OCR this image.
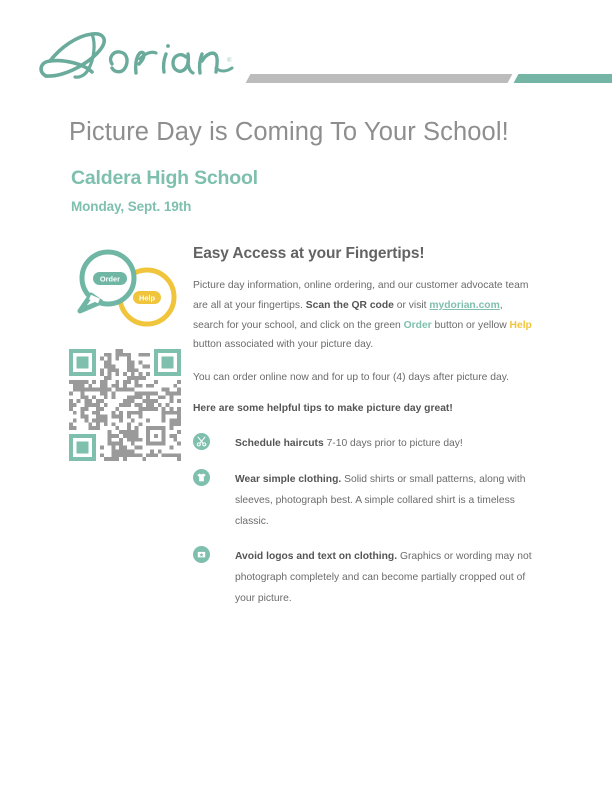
®
Picture Day is Coming To Your School!
Caldera High School
Monday, Sept. 19th
Order
Help
Easy Access at your Fingertips!

Picture day information, online ordering, and our customer advocate team are all at your fingertips. Scan the QR code or visit mydorian.com, search for your school, and click on the green Order button or yellow Help button associated with your picture day.

You can order online now and for up to four (4) days after picture day.

Here are some helpful tips to make picture day great!

Schedule haircuts 7-10 days prior to picture day!
Wear simple clothing. Solid shirts or small patterns, along with sleeves, photograph best. A simple collared shirt is a timeless classic.
Avoid logos and text on clothing. Graphics or wording may not photograph completely and can become partially cropped out of your picture.
